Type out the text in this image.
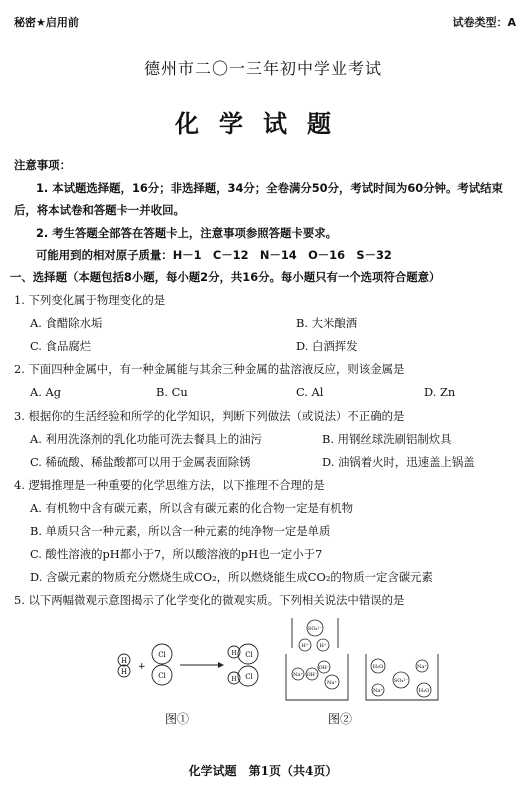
秘密★启用前	试卷类型：A
德州市二〇一三年初中学业考试
化学试题
注意事项：
1. 本试题选择题，16分；非选择题，34分；全卷满分50分，考试时间为60分钟。考试结束
后，将本试卷和答题卡一并收回。
2. 考生答题全部答在答题卡上，注意事项参照答题卡要求。
可能用到的相对原子质量：H－1　C－12　N－14　O－16　S－32
一、选择题（本题包括8小题，每小题2分，共16分。每小题只有一个选项符合题意）
1. 下列变化属于物理变化的是
A. 食醋除水垢	B. 大米酿酒
C. 食品腐烂	D. 白酒挥发
2. 下面四种金属中，有一种金属能与其余三种金属的盐溶液反应，则该金属是
A. Ag	B. Cu	C. Al	D. Zn
3. 根据你的生活经验和所学的化学知识，判断下列做法（或说法）不正确的是
A. 利用洗涤剂的乳化功能可洗去餐具上的油污	B. 用钢丝球洗刷铝制炊具
C. 稀硫酸、稀盐酸都可以用于金属表面除锈	D. 油锅着火时，迅速盖上锅盖
4. 逻辑推理是一种重要的化学思维方法，以下推理不合理的是
A. 有机物中含有碳元素，所以含有碳元素的化合物一定是有机物
B. 单质只含一种元素，所以含一种元素的纯净物一定是单质
C. 酸性溶液的pH都小于7，所以酸溶液的pH也一定小于7
D. 含碳元素的物质充分燃烧生成CO₂，所以燃烧能生成CO₂的物质一定含碳元素
5. 以下两幅微观示意图揭示了化学变化的微观实质。下列相关说法中错误的是
H
H +
Cl
Cl
H Cl
H Cl
图①
SO₄²⁻
H⁺ H⁺
Na⁺ OH⁻
Na⁺
OH⁻	H₂O	Na⁺
SO₄²⁻
Na⁺	H₂O
图②
化学试题　第1页（共4页）
